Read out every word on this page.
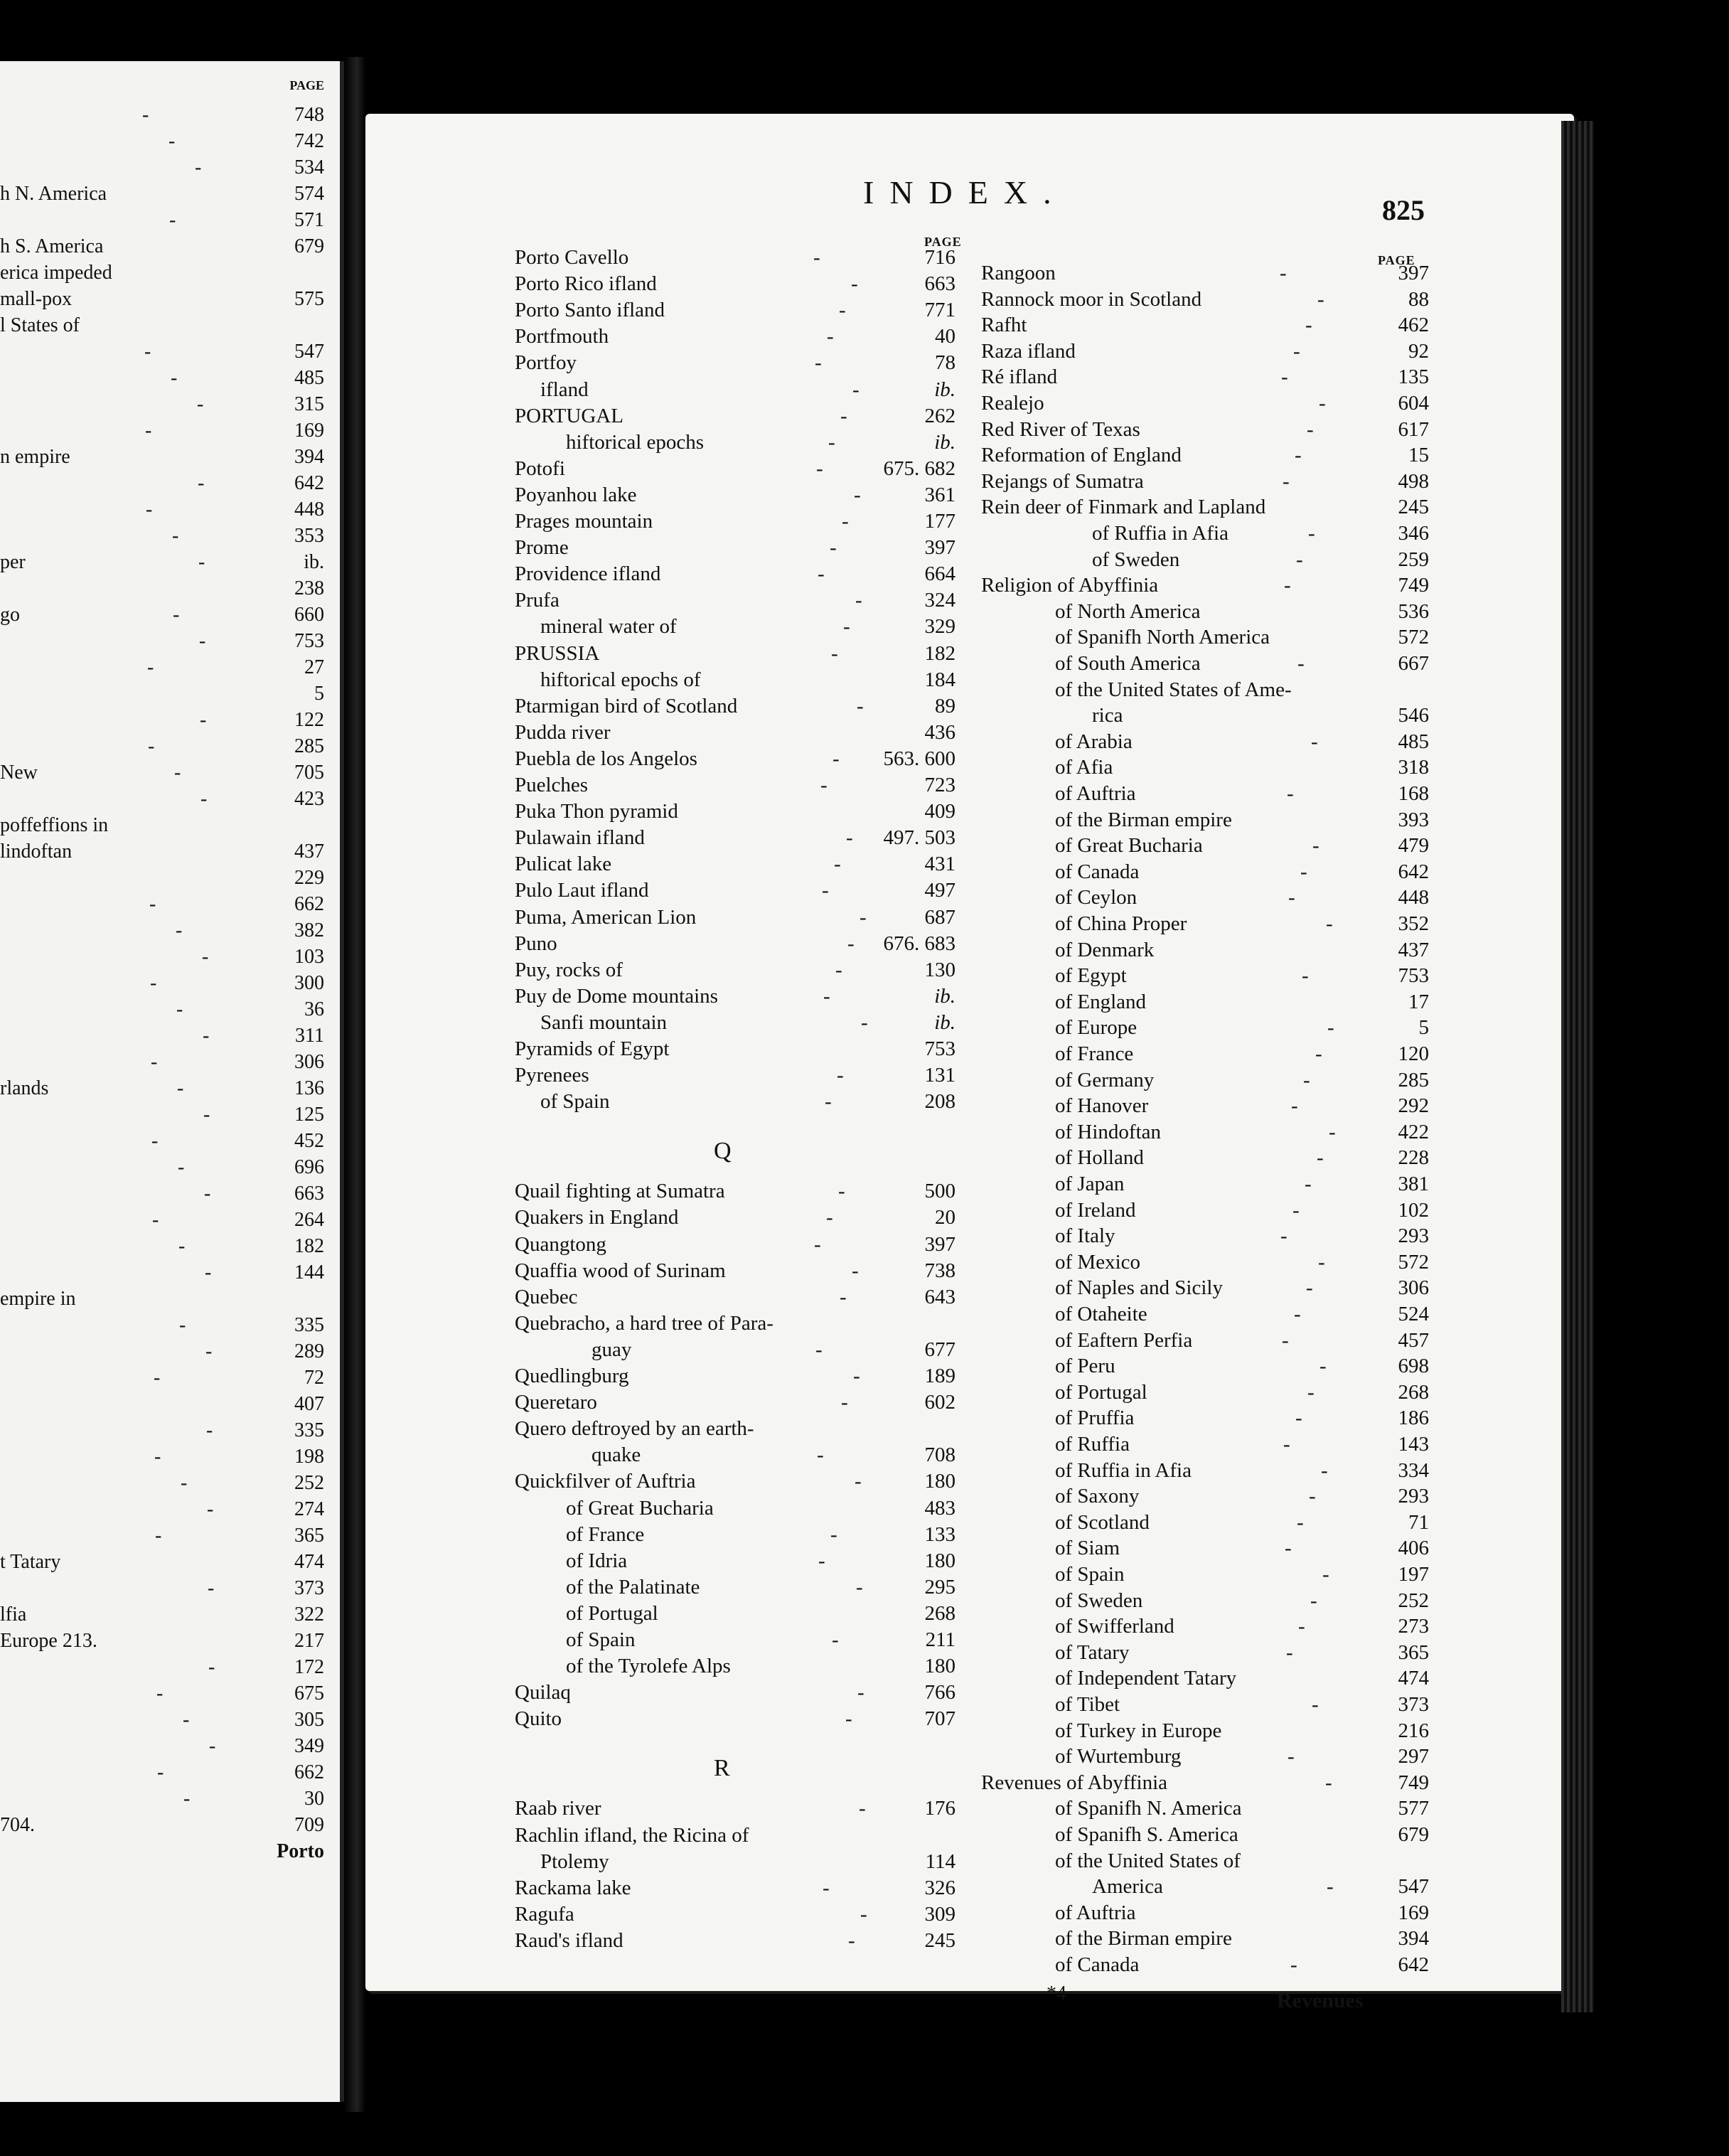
PAGE
-	748
-	742
-	534
h N. America	574
-	571
h S. America	679
erica impeded
mall-pox	575
l States of
-	547
-	485
-	315
-	169
n empire	394
-	642
-	448
-	353
per	-	ib.
238
go	-	660
-	753
-	27
5
-	122
-	285
New	-	705
-	423
poffeffions in
lindoftan	437
229
-	662
-	382
-	103
-	300
-	36
-	311
-	306
rlands	-	136
-	125
-	452
-	696
-	663
-	264
-	182
-	144
empire in
-	335
-	289
-	72
407
-	335
-	198
-	252
-	274
-	365
t Tatary	474
-	373
lfia	322
Europe 213.	217
-	172
-	675
-	305
-	349
-	662
-	30
704.	709
Porto
INDEX.	825
PAGE
PAGE
Porto Cavello	-	716
Porto Rico ifland	-	663
Porto Santo ifland	-	771
Portfmouth	-	40
Portfoy	-	78
ifland	-	ib.
PORTUGAL	-	262
hiftorical epochs	-	ib.
Potofi	-	675. 682
Poyanhou lake	-	361
Prages mountain	-	177
Prome	-	397
Providence ifland	-	664
Prufa	-	324
mineral water of	-	329
PRUSSIA	-	182
hiftorical epochs of	184
Ptarmigan bird of Scotland	-	89
Pudda river	436
Puebla de los Angelos	- 563. 600
Puelches	-	723
Puka Thon pyramid	409
Pulawain ifland	- 497. 503
Pulicat lake	-	431
Pulo Laut ifland	-	497
Puma, American Lion	-	687
Puno	- 676. 683
Puy, rocks of	-	130
Puy de Dome mountains	-	ib.
Sanfi mountain	-	ib.
Pyramids of Egypt	753
Pyrenees	-	131
of Spain	-	208
Q
Quail fighting at Sumatra	-	500
Quakers in England	-	20
Quangtong	-	397
Quaffia wood of Surinam	-	738
Quebec	-	643
Quebracho, a hard tree of Para-
guay	-	677
Quedlingburg	-	189
Queretaro	-	602
Quero deftroyed by an earth-
quake	-	708
Quickfilver of Auftria	-	180
of Great Bucharia	483
of France	-	133
of Idria	-	180
of the Palatinate	-	295
of Portugal	268
of Spain	-	211
of the Tyrolefe Alps	180
Quilaq	-	766
Quito	-	707
R
Raab river	-	176
Rachlin ifland, the Ricina of
Ptolemy	114
Rackama lake	-	326
Ragufa	-	309
Raud's ifland	-	245
Rangoon	-	397
Rannock moor in Scotland	-	88
Rafht	-	462
Raza ifland	-	92
Ré ifland	-	135
Realejo	-	604
Red River of Texas	-	617
Reformation of England	-	15
Rejangs of Sumatra	-	498
Rein deer of Finmark and Lapland	245
of Ruffia in Afia	-	346
of Sweden	-	259
Religion of Abyffinia	-	749
of North America	536
of Spanifh North America	572
of South America	-	667
of the United States of Ame-
rica	546
of Arabia	-	485
of Afia	318
of Auftria	-	168
of the Birman empire	393
of Great Bucharia	-	479
of Canada	-	642
of Ceylon	-	448
of China Proper	-	352
of Denmark	437
of Egypt	-	753
of England	17
of Europe	-	5
of France	-	120
of Germany	-	285
of Hanover	-	292
of Hindoftan	-	422
of Holland	-	228
of Japan	-	381
of Ireland	-	102
of Italy	-	293
of Mexico	-	572
of Naples and Sicily	-	306
of Otaheite	-	524
of Eaftern Perfia	-	457
of Peru	-	698
of Portugal	-	268
of Pruffia	-	186
of Ruffia	-	143
of Ruffia in Afia	-	334
of Saxony	-	293
of Scotland	-	71
of Siam	-	406
of Spain	-	197
of Sweden	-	252
of Swifferland	-	273
of Tatary	-	365
of Independent Tatary	474
of Tibet	-	373
of Turkey in Europe	216
of Wurtemburg	-	297
Revenues of Abyffinia	-	749
of Spanifh N. America	577
of Spanifh S. America	679
of the United States of
America	-	547
of Auftria	169
of the Birman empire	394
of Canada	-	642
*4	Revenues
